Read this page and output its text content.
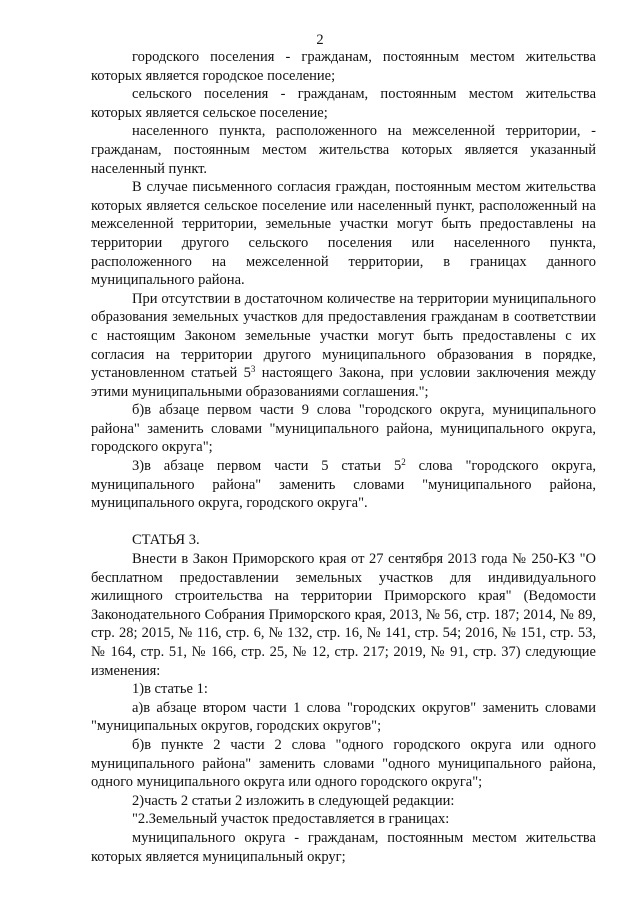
2

городского поселения - гражданам, постоянным местом жительства которых является городское поселение;

сельского поселения - гражданам, постоянным местом жительства которых является сельское поселение;

населенного пункта, расположенного на межселенной территории, - гражданам, постоянным местом жительства которых является указанный населенный пункт.

В случае письменного согласия граждан, постоянным местом жительства которых является сельское поселение или населенный пункт, расположенный на межселенной территории, земельные участки могут быть предоставлены на территории другого сельского поселения или населенного пункта, расположенного на межселенной территории, в границах данного муниципального района.

При отсутствии в достаточном количестве на территории муниципального образования земельных участков для предоставления гражданам в соответствии с настоящим Законом земельные участки могут быть предоставлены с их согласия на территории другого муниципального образования в порядке, установленном статьей $5^3$ настоящего Закона, при условии заключения между этими муниципальными образованиями соглашения.";

б)в абзаце первом части 9 слова "городского округа, муниципального района" заменить словами "муниципального района, муниципального округа, городского округа";

3)в абзаце первом части 5 статьи $5^2$ слова "городского округа, муниципального района" заменить словами "муниципального района, муниципального округа, городского округа".

СТАТЬЯ 3.

Внести в Закон Приморского края от 27 сентября 2013 года № 250-КЗ "О бесплатном предоставлении земельных участков для индивидуального жилищного строительства на территории Приморского края" (Ведомости Законодательного Собрания Приморского края, 2013, № 56, стр. 187; 2014, № 89, стр. 28; 2015, № 116, стр. 6, № 132, стр. 16, № 141, стр. 54; 2016, № 151, стр. 53, № 164, стр. 51, № 166, стр. 25, № 12, стр. 217; 2019, № 91, стр. 37) следующие изменения:

1)в статье 1:

а)в абзаце втором части 1 слова "городских округов" заменить словами "муниципальных округов, городских округов";

б)в пункте 2 части 2 слова "одного городского округа или одного муниципального района" заменить словами "одного муниципального района, одного муниципального округа или одного городского округа";

2)часть 2 статьи 2 изложить в следующей редакции:

"2.Земельный участок предоставляется в границах:

муниципального округа - гражданам, постоянным местом жительства которых является муниципальный округ;
